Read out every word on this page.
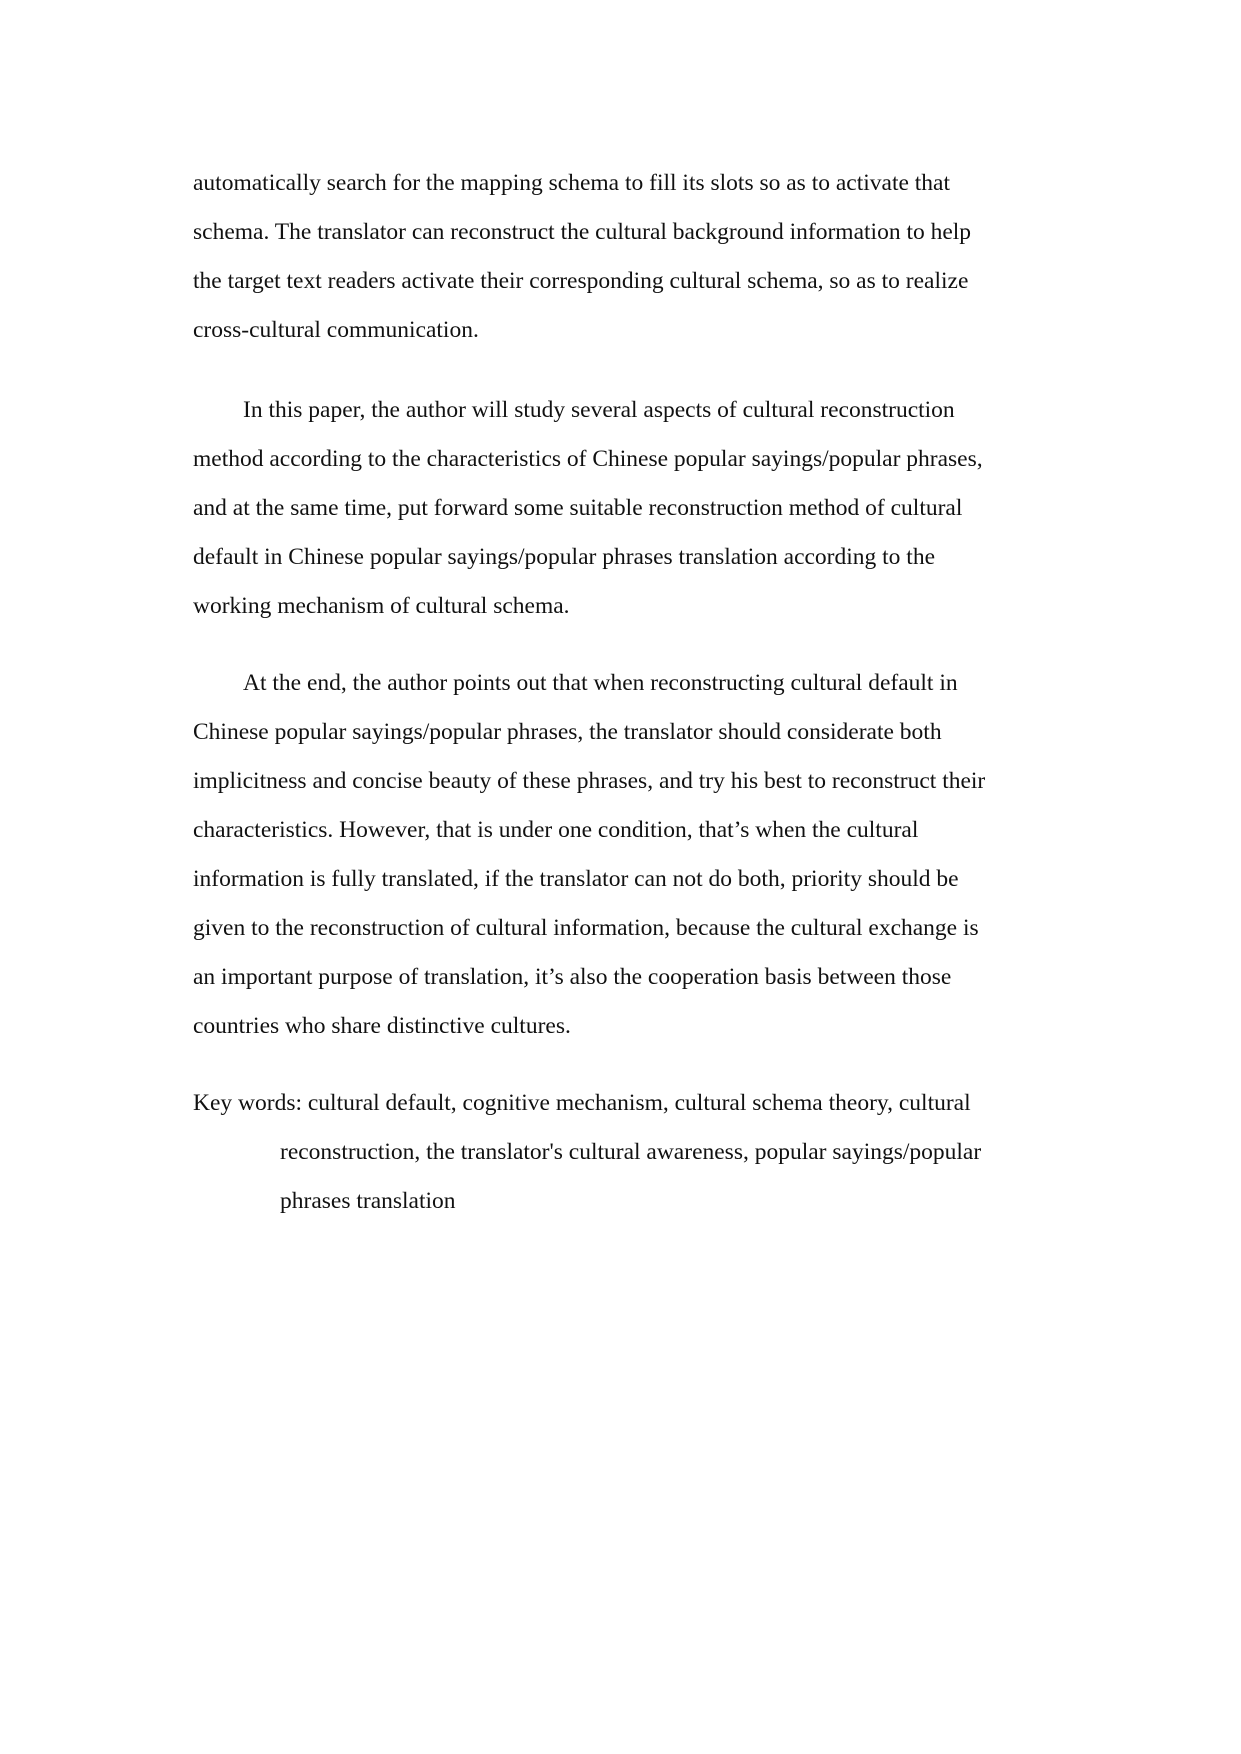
automatically search for the mapping schema to fill its slots so as to activate that
schema. The translator can reconstruct the cultural background information to help
the target text readers activate their corresponding cultural schema, so as to realize
cross-cultural communication.
In this paper, the author will study several aspects of cultural reconstruction
method according to the characteristics of Chinese popular sayings/popular phrases,
and at the same time, put forward some suitable reconstruction method of cultural
default in Chinese popular sayings/popular phrases translation according to the
working mechanism of cultural schema.
At the end, the author points out that when reconstructing cultural default in
Chinese popular sayings/popular phrases, the translator should considerate both
implicitness and concise beauty of these phrases, and try his best to reconstruct their
characteristics. However, that is under one condition, that’s when the cultural
information is fully translated, if the translator can not do both, priority should be
given to the reconstruction of cultural information, because the cultural exchange is
an important purpose of translation, it’s also the cooperation basis between those
countries who share distinctive cultures.
Key words: cultural default, cognitive mechanism, cultural schema theory, cultural
reconstruction, the translator's cultural awareness, popular sayings/popular
phrases translation
